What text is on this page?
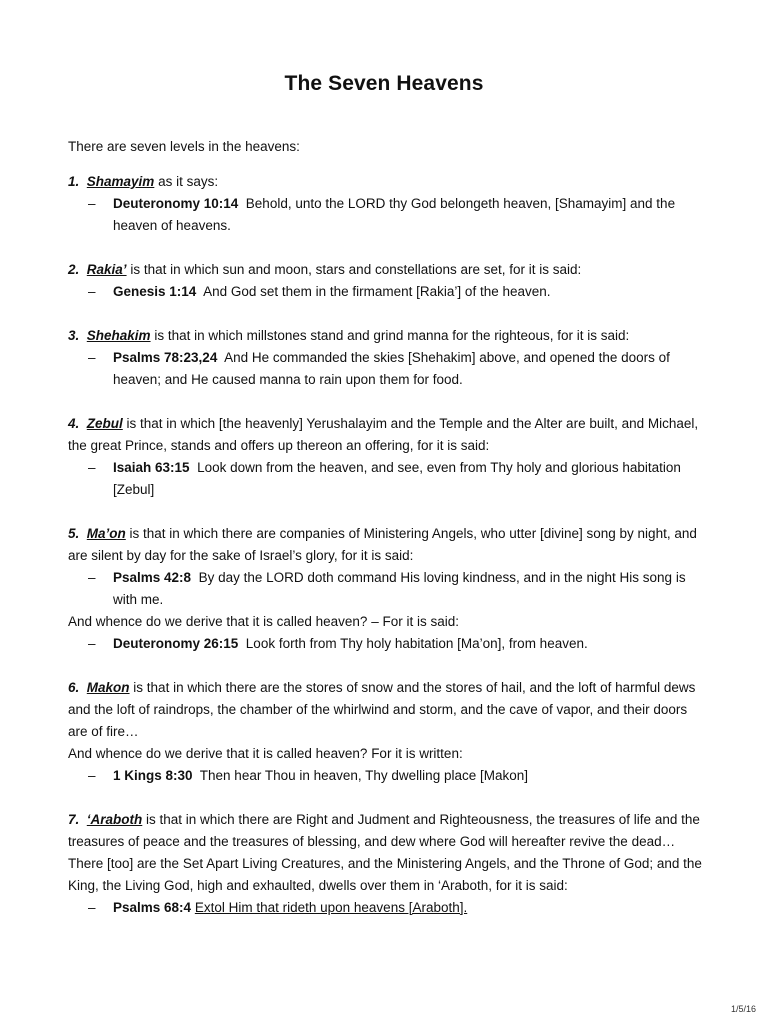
The Seven Heavens
There are seven levels in the heavens:
1. Shamayim as it says:
– Deuteronomy 10:14  Behold, unto the LORD thy God belongeth heaven, [Shamayim] and the heaven of heavens.
2. Rakia’ is that in which sun and moon, stars and constellations are set, for it is said:
– Genesis 1:14  And God set them in the firmament [Rakia’] of the heaven.
3. Shehakim is that in which millstones stand and grind manna for the righteous, for it is said:
– Psalms 78:23,24  And He commanded the skies [Shehakim] above, and opened the doors of heaven; and He caused manna to rain upon them for food.
4. Zebul is that in which [the heavenly] Yerushalayim and the Temple and the Alter are built, and Michael, the great Prince, stands and offers up thereon an offering, for it is said:
– Isaiah 63:15  Look down from the heaven, and see, even from Thy holy and glorious habitation [Zebul]
5. Ma’on is that in which there are companies of Ministering Angels, who utter [divine] song by night, and are silent by day for the sake of Israel’s glory, for it is said:
– Psalms 42:8  By day the LORD doth command His loving kindness, and in the night His song is with me.
And whence do we derive that it is called heaven? – For it is said:
– Deuteronomy 26:15  Look forth from Thy holy habitation [Ma’on], from heaven.
6. Makon is that in which there are the stores of snow and the stores of hail, and the loft of harmful dews and the loft of raindrops, the chamber of the whirlwind and storm, and the cave of vapor, and their doors are of fire…
And whence do we derive that it is called heaven? For it is written:
– 1 Kings 8:30  Then hear Thou in heaven, Thy dwelling place [Makon]
7. ‘Araboth is that in which there are Right and Judment and Righteousness, the treasures of life and the treasures of peace and the treasures of blessing, and dew where God will hereafter revive the dead…There [too] are the Set Apart Living Creatures, and the Ministering Angels, and the Throne of God; and the King, the Living God, high and exhaulted, dwells over them in ‘Araboth, for it is said:
– Psalms 68:4 Extol Him that rideth upon heavens [Araboth].
1/5/16
